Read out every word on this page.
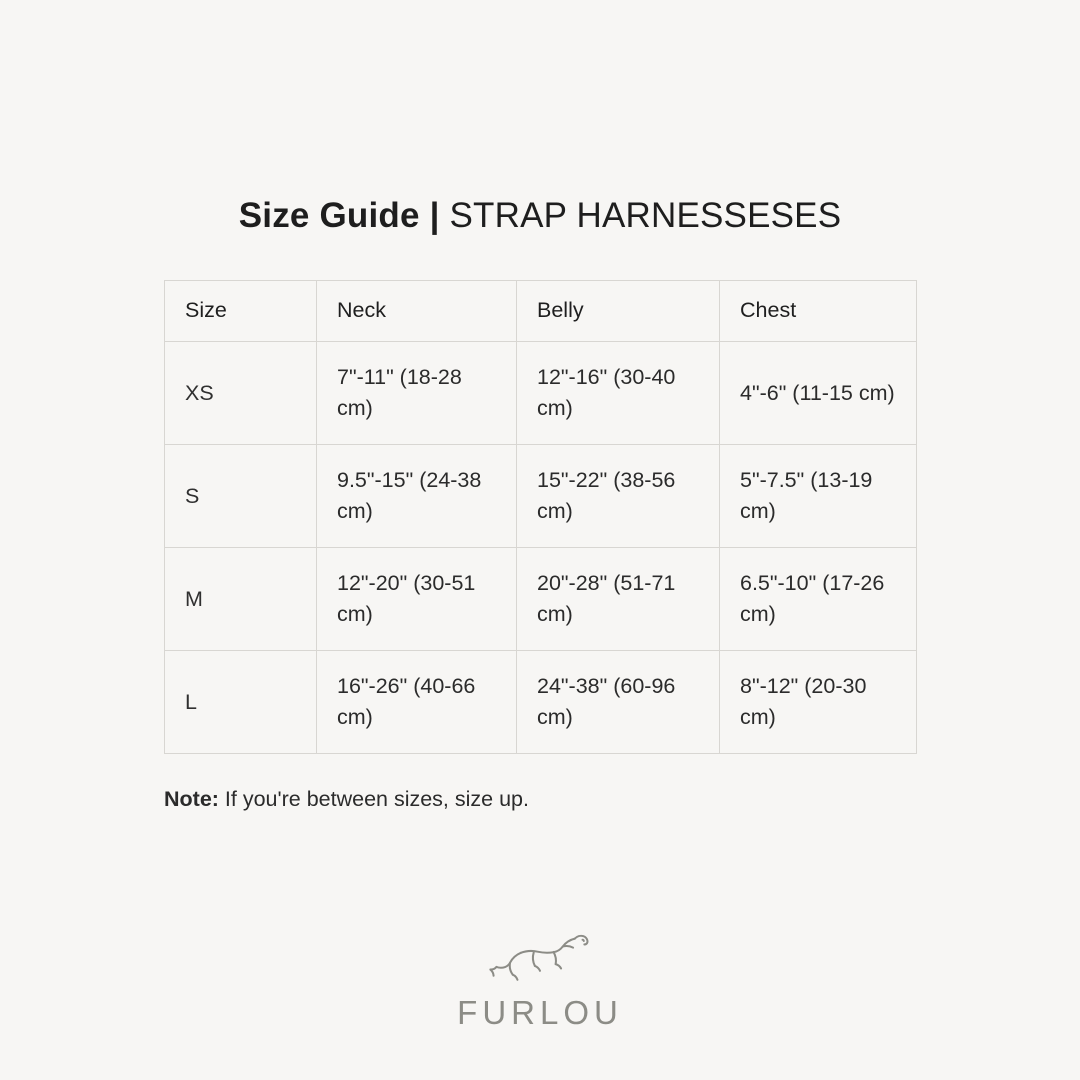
Size Guide | STRAP HARNESSESES
Size	Neck	Belly	Chest
XS	7"-11" (18-28 cm)	12"-16" (30-40 cm)	4"-6" (11-15 cm)
S	9.5"-15" (24-38 cm)	15"-22" (38-56 cm)	5"-7.5" (13-19 cm)
M	12"-20" (30-51 cm)	20"-28" (51-71 cm)	6.5"-10" (17-26 cm)
L	16"-26" (40-66 cm)	24"-38" (60-96 cm)	8"-12" (20-30 cm)

Note: If you're between sizes, size up.

FURLOU
